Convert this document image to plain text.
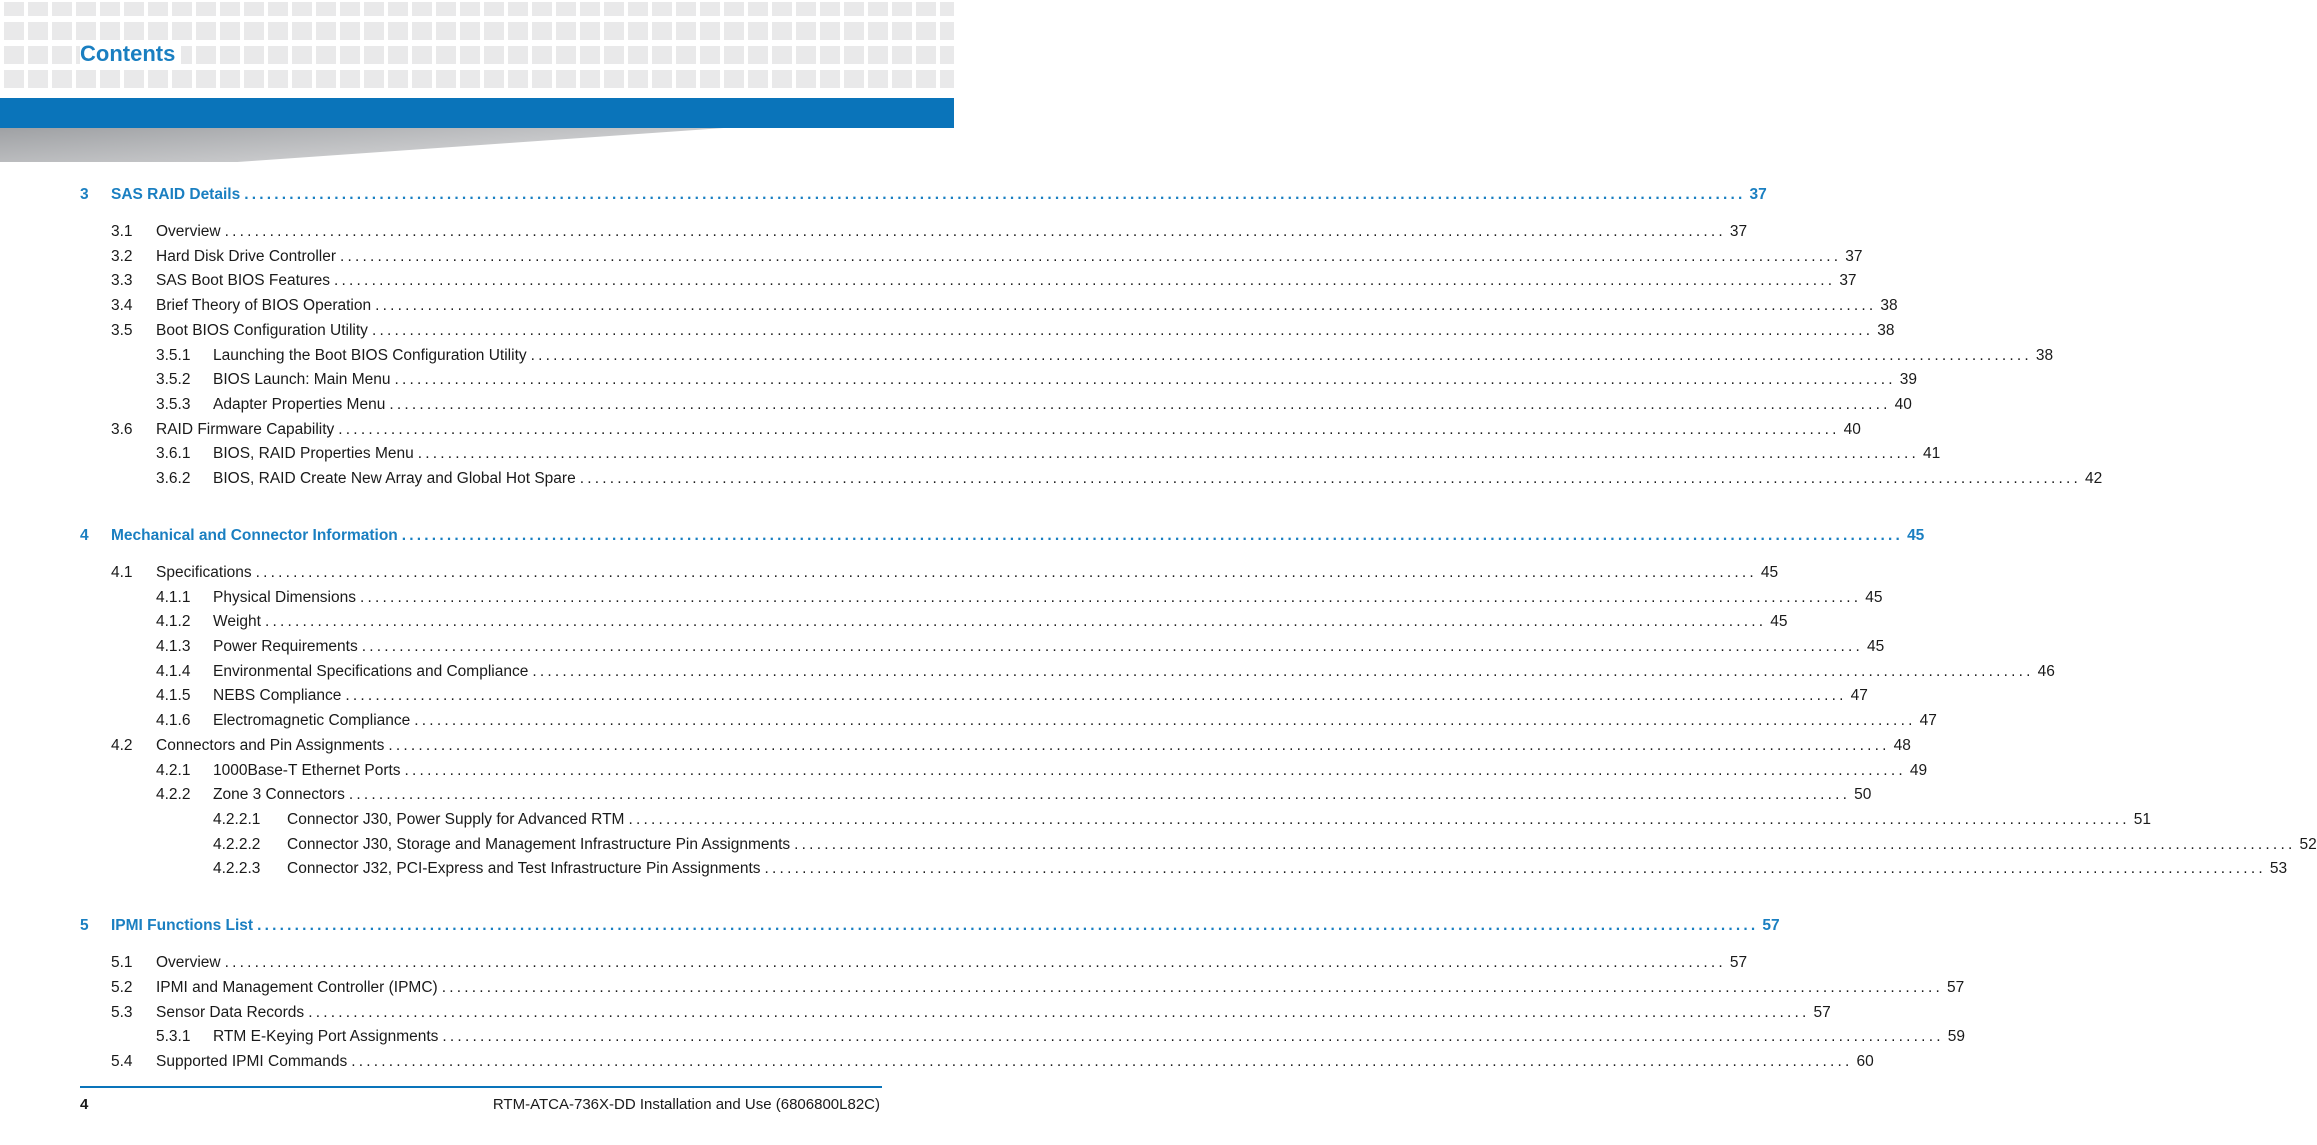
Contents
3	SAS RAID Details ........................................................................................................................................................................................................ 37
3.1	Overview ........................................................................................................................................................................................................ 37
3.2	Hard Disk Drive Controller ........................................................................................................................................................................................................ 37
3.3	SAS Boot BIOS Features ........................................................................................................................................................................................................ 37
3.4	Brief Theory of BIOS Operation ........................................................................................................................................................................................................ 38
3.5	Boot BIOS Configuration Utility ........................................................................................................................................................................................................ 38
3.5.1	Launching the Boot BIOS Configuration Utility ........................................................................................................................................................................................................ 38
3.5.2	BIOS Launch: Main Menu ........................................................................................................................................................................................................ 39
3.5.3	Adapter Properties Menu ........................................................................................................................................................................................................ 40
3.6	RAID Firmware Capability ........................................................................................................................................................................................................ 40
3.6.1	BIOS, RAID Properties Menu ........................................................................................................................................................................................................ 41
3.6.2	BIOS, RAID Create New Array and Global Hot Spare ........................................................................................................................................................................................................ 42
4	Mechanical and Connector Information ........................................................................................................................................................................................................ 45
4.1	Specifications ........................................................................................................................................................................................................ 45
4.1.1	Physical Dimensions ........................................................................................................................................................................................................ 45
4.1.2	Weight ........................................................................................................................................................................................................ 45
4.1.3	Power Requirements ........................................................................................................................................................................................................ 45
4.1.4	Environmental Specifications and Compliance ........................................................................................................................................................................................................ 46
4.1.5	NEBS Compliance ........................................................................................................................................................................................................ 47
4.1.6	Electromagnetic Compliance ........................................................................................................................................................................................................ 47
4.2	Connectors and Pin Assignments ........................................................................................................................................................................................................ 48
4.2.1	1000Base-T Ethernet Ports ........................................................................................................................................................................................................ 49
4.2.2	Zone 3 Connectors ........................................................................................................................................................................................................ 50
4.2.2.1	Connector J30, Power Supply for Advanced RTM ........................................................................................................................................................................................................ 51
4.2.2.2	Connector J30, Storage and Management Infrastructure Pin Assignments ........................................................................................................................................................................................................ 52
4.2.2.3	Connector J32, PCI-Express and Test Infrastructure Pin Assignments ........................................................................................................................................................................................................ 53
5	IPMI Functions List ........................................................................................................................................................................................................ 57
5.1	Overview ........................................................................................................................................................................................................ 57
5.2	IPMI and Management Controller (IPMC) ........................................................................................................................................................................................................ 57
5.3	Sensor Data Records ........................................................................................................................................................................................................ 57
5.3.1	RTM E-Keying Port Assignments ........................................................................................................................................................................................................ 59
5.4	Supported IPMI Commands ........................................................................................................................................................................................................ 60
4	RTM-ATCA-736X-DD Installation and Use (6806800L82C)
